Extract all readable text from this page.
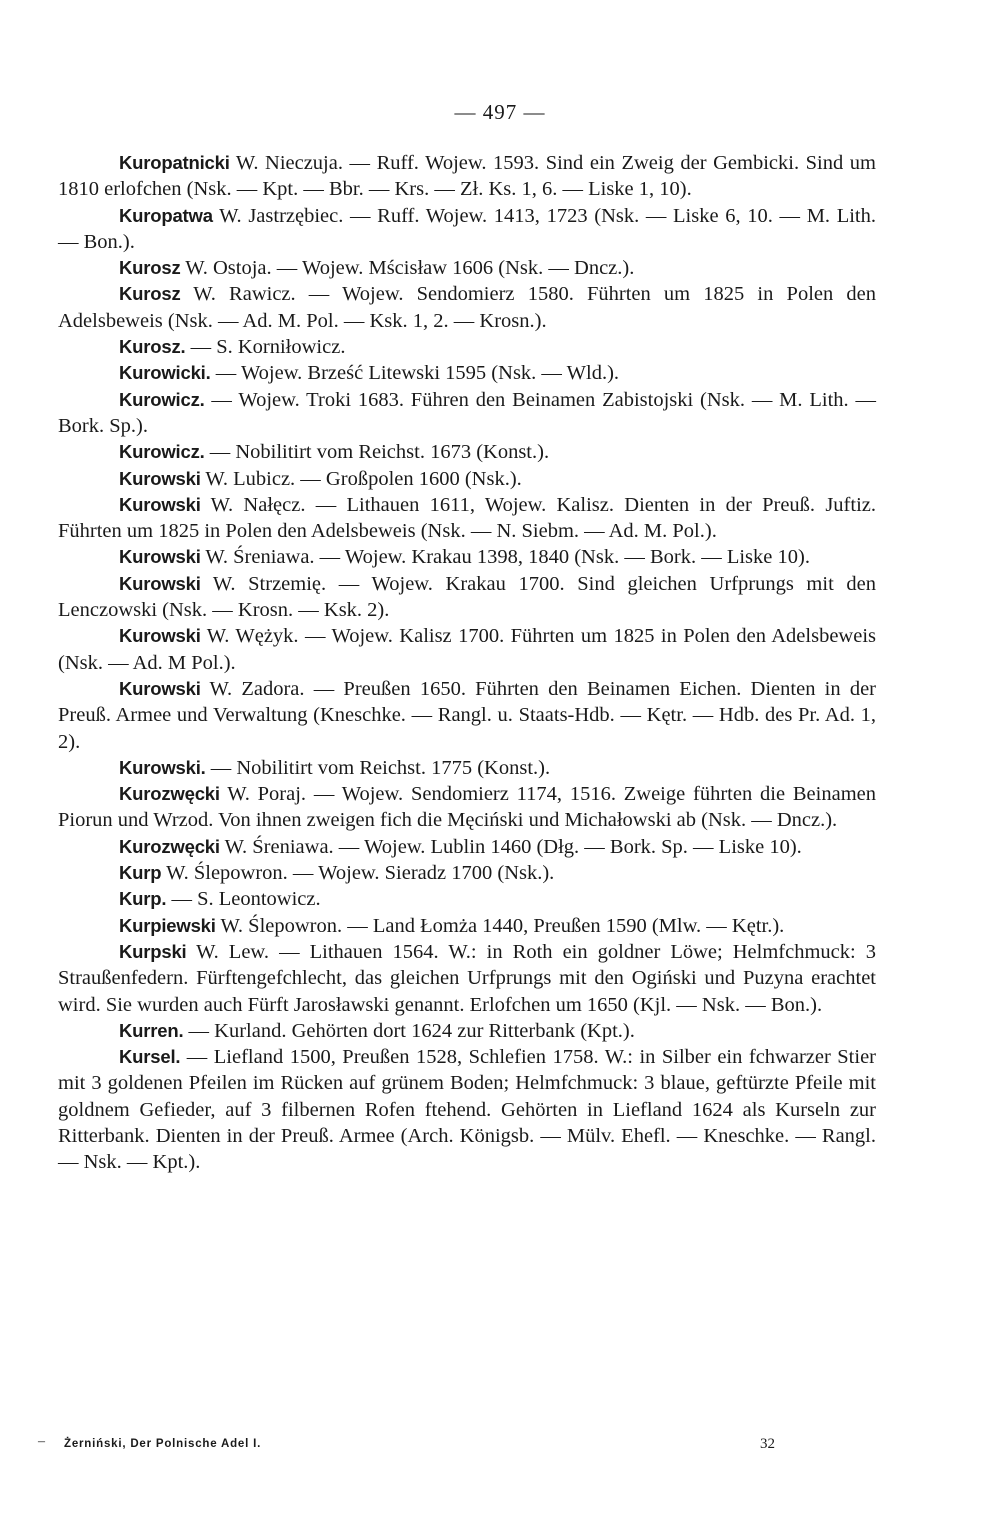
— 497 —

Kuropatnicki W. Nieczuja. — Ruff. Wojew. 1593. Sind ein Zweig der Gembicki. Sind um 1810 erlofchen (Nsk. — Kpt. — Bbr. — Krs. — Zł. Ks. 1, 6. — Liske 1, 10).

Kuropatwa W. Jastrzębiec. — Ruff. Wojew. 1413, 1723 (Nsk. — Liske 6, 10. — M. Lith. — Bon.).

Kurosz W. Ostoja. — Wojew. Mścisław 1606 (Nsk. — Dncz.).

Kurosz W. Rawicz. — Wojew. Sendomierz 1580. Führten um 1825 in Polen den Adelsbeweis (Nsk. — Ad. M. Pol. — Ksk. 1, 2. — Krosn.).

Kurosz. — S. Korniłowicz.

Kurowicki. — Wojew. Brześć Litewski 1595 (Nsk. — Wld.).

Kurowicz. — Wojew. Troki 1683. Führen den Beinamen Zabistojski (Nsk. — M. Lith. — Bork. Sp.).

Kurowicz. — Nobilitirt vom Reichst. 1673 (Konst.).

Kurowski W. Lubicz. — Großpolen 1600 (Nsk.).

Kurowski W. Nałęcz. — Lithauen 1611, Wojew. Kalisz. Dienten in der Preuß. Juftiz. Führten um 1825 in Polen den Adelsbeweis (Nsk. — N. Siebm. — Ad. M. Pol.).

Kurowski W. Śreniawa. — Wojew. Krakau 1398, 1840 (Nsk. — Bork. — Liske 10).

Kurowski W. Strzemię. — Wojew. Krakau 1700. Sind gleichen Urfprungs mit den Lenczowski (Nsk. — Krosn. — Ksk. 2).

Kurowski W. Wężyk. — Wojew. Kalisz 1700. Führten um 1825 in Polen den Adelsbeweis (Nsk. — Ad. M Pol.).

Kurowski W. Zadora. — Preußen 1650. Führten den Beinamen Eichen. Dienten in der Preuß. Armee und Verwaltung (Kneschke. — Rangl. u. Staats-Hdb. — Kętr. — Hdb. des Pr. Ad. 1, 2).

Kurowski. — Nobilitirt vom Reichst. 1775 (Konst.).

Kurozwęcki W. Poraj. — Wojew. Sendomierz 1174, 1516. Zweige führten die Beinamen Piorun und Wrzod. Von ihnen zweigen fich die Męciński und Michałowski ab (Nsk. — Dncz.).

Kurozwęcki W. Śreniawa. — Wojew. Lublin 1460 (Dłg. — Bork. Sp. — Liske 10).

Kurp W. Ślepowron. — Wojew. Sieradz 1700 (Nsk.).

Kurp. — S. Leontowicz.

Kurpiewski W. Ślepowron. — Land Łomża 1440, Preußen 1590 (Mlw. — Kętr.).

Kurpski W. Lew. — Lithauen 1564. W.: in Roth ein goldner Löwe; Helmfchmuck: 3 Straußenfedern. Fürftengefchlecht, das gleichen Urfprungs mit den Ogiński und Puzyna erachtet wird. Sie wurden auch Fürft Jarosławski genannt. Erlofchen um 1650 (Kjl. — Nsk. — Bon.).

Kurren. — Kurland. Gehörten dort 1624 zur Ritterbank (Kpt.).

Kursel. — Liefland 1500, Preußen 1528, Schlefien 1758. W.: in Silber ein fchwarzer Stier mit 3 goldenen Pfeilen im Rücken auf grünem Boden; Helmfchmuck: 3 blaue, geftürzte Pfeile mit goldnem Gefieder, auf 3 filbernen Rofen ftehend. Gehörten in Liefland 1624 als Kurseln zur Ritterbank. Dienten in der Preuß. Armee (Arch. Königsb. — Mülv. Ehefl. — Kneschke. — Rangl. — Nsk. — Kpt.).

– Żerniński, Der Polnische Adel I.	32
